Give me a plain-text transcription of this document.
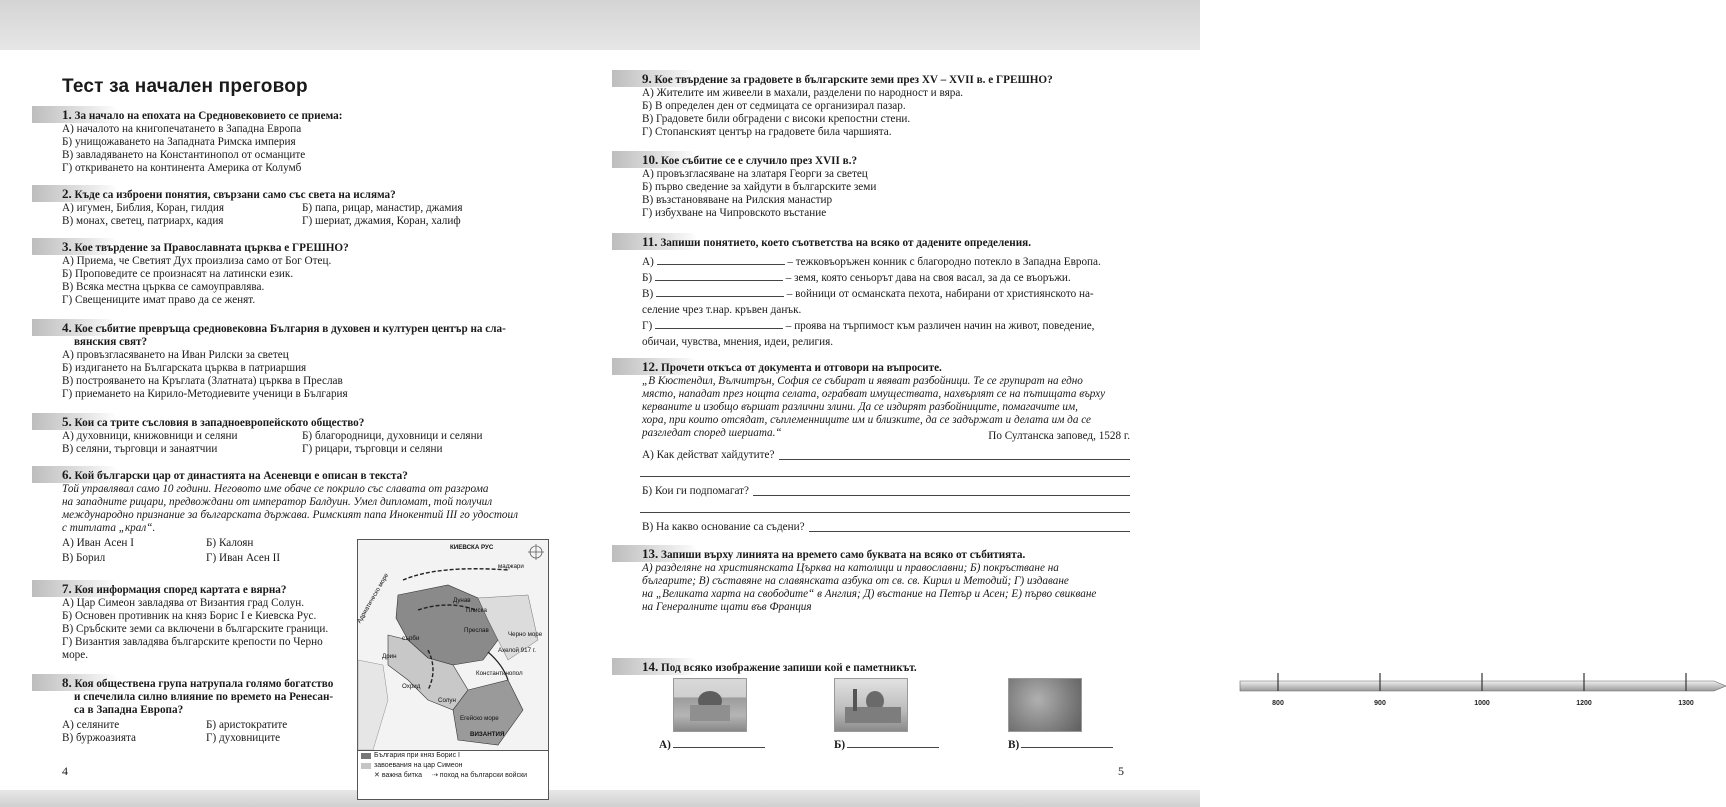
Тест за начален преговор
1. За начало на епохата на Средновековието се приема:
А) началото на книгопечатането в Западна Европа
Б) унищожаването на Западната Римска империя
В) завладяването на Константинопол от османците
Г) откриването на континента Америка от Колумб
2. Къде са изброени понятия, свързани само със света на исляма?
А) игумен, Библия, Коран, гилдия	Б) папа, рицар, манастир, джамия
В) монах, светец, патриарх, кадия	Г) шериат, джамия, Коран, халиф
3. Кое твърдение за Православната църква е ГРЕШНО?
А) Приема, че Светият Дух произлиза само от Бог Отец.
Б) Проповедите се произнасят на латински език.
В) Всяка местна църква се самоуправлява.
Г) Свещениците имат право да се женят.
4. Кое събитие превръща средновековна България в духовен и културен център на сла-
вянския свят?
А) провъзгласяването на Иван Рилски за светец
Б) издигането на Българската църква в патриаршия
В) построяването на Кръглата (Златната) църква в Преслав
Г) приемането на Кирило-Методиевите ученици в България
5. Кои са трите съсловия в западноевропейското общество?
А) духовници, книжовници и селяни	Б) благородници, духовници и селяни
В) селяни, търговци и занаятчии	Г) рицари, търговци и селяни
6. Кой български цар от династията на Асеневци е описан в текста?
Той управлявал само 10 години. Неговото име обаче се покрило със славата от разгрома
на западните рицари, предвождани от император Балдуин. Умел дипломат, той получил
международно признание за българската държава. Римският папа Инокентий III го удостоил
с титлата „крал“.
А) Иван Асен I	Б) Калоян
В) Борил	Г) Иван Асен II
7. Коя информация според картата е вярна?
А) Цар Симеон завладява от Византия град Солун.
Б) Основен противник на княз Борис I е Киевска Рус.
В) Сръбските земи са включени в българските граници.
Г) Византия завладява българските крепости по Черно
море.
8. Коя обществена група натрупала голямо богатство
и спечелила силно влияние по времето на Ренесан-
са в Западна Европа?
А) селяните	Б) аристократите
В) буржоазията	Г) духовниците
КИЕВСКА РУС
маджари
Дунав
Плиска
Преслав
Черно море
Дрин
Охрид
сърби
Адриатическо море
Константинопол
Солун
Егейско море
ВИЗАНТИЯ
Ахелой 917 г.
България при княз Борис I
завоевания на цар Симеон
✕ важна битка	⇢ поход на български войски
4
9. Кое твърдение за градовете в българските земи през XV – XVII в. е ГРЕШНО?
А) Жителите им живеели в махали, разделени по народност и вяра.
Б) В определен ден от седмицата се организирал пазар.
В) Градовете били обградени с високи крепостни стени.
Г) Стопанският център на градовете била чаршията.
10. Кое събитие се е случило през XVII в.?
А) провъзгласяване на златаря Георги за светец
Б) първо сведение за хайдути в българските земи
В) възстановяване на Рилския манастир
Г) избухване на Чипровското въстание
11. Запиши понятието, което съответства на всяко от дадените определения.
А)	– тежковъоръжен конник с благородно потекло в Западна Европа.
Б)	– земя, която сеньорът дава на своя васал, за да се въоръжи.
В)	– войници от османската пехота, набирани от християнското на-
селение чрез т.нар. кръвен данък.
Г)	– проява на търпимост към различен начин на живот, поведение,
обичаи, чувства, мнения, идеи, религия.
12. Прочети откъса от документа и отговори на въпросите.
„В Кюстендил, Вълчитрън, София се събират и явяват разбойници. Те се групират на едно
място, нападат през нощта селата, ограбват имуществата, нахвърлят се на пътищата върху
керваните и изобщо вършат различни злини. Да се издирят разбойниците, помагачите им,
хора, при които отсядат, съплеменниците им и близките, да се задържат и делата им да се
разгледат според шериата.“	По Султанска заповед, 1528 г.
А) Как действат хайдутите?
Б) Кои ги подпомагат?
В) На какво основание са съдени?
13. Запиши върху линията на времето само буквата на всяко от събитията.
А) разделяне на християнската Църква на католици и православни; Б) покръстване на
българите; В) съставяне на славянската азбука от св. св. Кирил и Методий; Г) издаване
на „Великата харта на свободите“ в Англия; Д) въстание на Петър и Асен; Е) първо свикване
на Генералните щати във Франция
800	900	1000	1200	1300
14. Под всяко изображение запиши кой е паметникът.
А)	Б)	В)
5
